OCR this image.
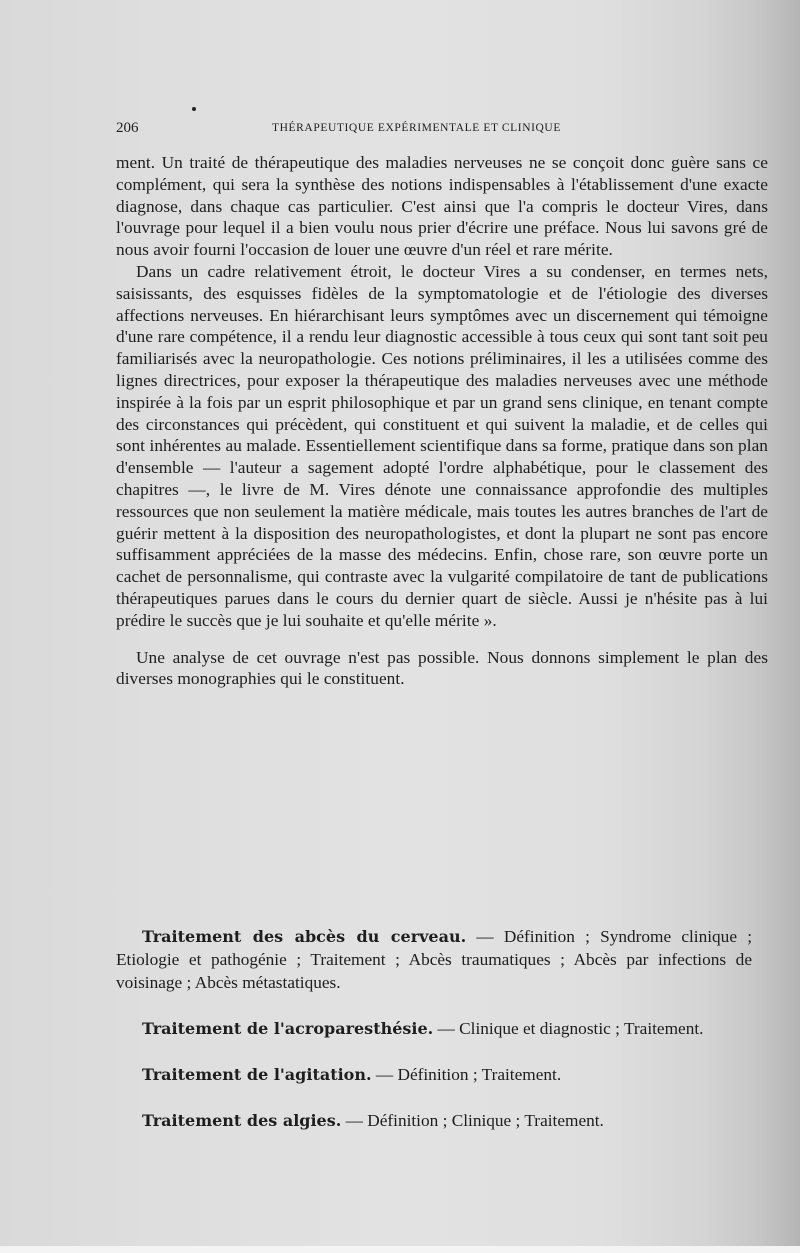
206	THÉRAPEUTIQUE EXPÉRIMENTALE ET CLINIQUE

ment. Un traité de thérapeutique des maladies nerveuses ne se conçoit donc guère sans ce complément, qui sera la synthèse des notions indispensables à l'établissement d'une exacte diagnose, dans chaque cas particulier. C'est ainsi que l'a compris le docteur Vires, dans l'ouvrage pour lequel il a bien voulu nous prier d'écrire une préface. Nous lui savons gré de nous avoir fourni l'occasion de louer une œuvre d'un réel et rare mérite.

Dans un cadre relativement étroit, le docteur Vires a su condenser, en termes nets, saisissants, des esquisses fidèles de la symptomatologie et de l'étiologie des diverses affections nerveuses. En hiérarchisant leurs symptômes avec un discernement qui témoigne d'une rare compétence, il a rendu leur diagnostic accessible à tous ceux qui sont tant soit peu familiarisés avec la neuropathologie. Ces notions préliminaires, il les a utilisées comme des lignes directrices, pour exposer la thérapeutique des maladies nerveuses avec une méthode inspirée à la fois par un esprit philosophique et par un grand sens clinique, en tenant compte des circonstances qui précèdent, qui constituent et qui suivent la maladie, et de celles qui sont inhérentes au malade. Essentiellement scientifique dans sa forme, pratique dans son plan d'ensemble — l'auteur a sagement adopté l'ordre alphabétique, pour le classement des chapitres —, le livre de M. Vires dénote une connaissance approfondie des multiples ressources que non seulement la matière médicale, mais toutes les autres branches de l'art de guérir mettent à la disposition des neuropathologistes, et dont la plupart ne sont pas encore suffisamment appréciées de la masse des médecins. Enfin, chose rare, son œuvre porte un cachet de personnalisme, qui contraste avec la vulgarité compilatoire de tant de publications thérapeutiques parues dans le cours du dernier quart de siècle. Aussi je n'hésite pas à lui prédire le succès que je lui souhaite et qu'elle mérite ».

Une analyse de cet ouvrage n'est pas possible. Nous donnons simplement le plan des diverses monographies qui le constituent.

Traitement des abcès du cerveau. — Définition ; Syndrome clinique ; Etiologie et pathogénie ; Traitement ; Abcès traumatiques ; Abcès par infections de voisinage ; Abcès métastatiques.

Traitement de l'acroparesthésie. — Clinique et diagnostic ; Traitement.

Traitement de l'agitation. — Définition ; Traitement.

Traitement des algies. — Définition ; Clinique ; Traitement.
